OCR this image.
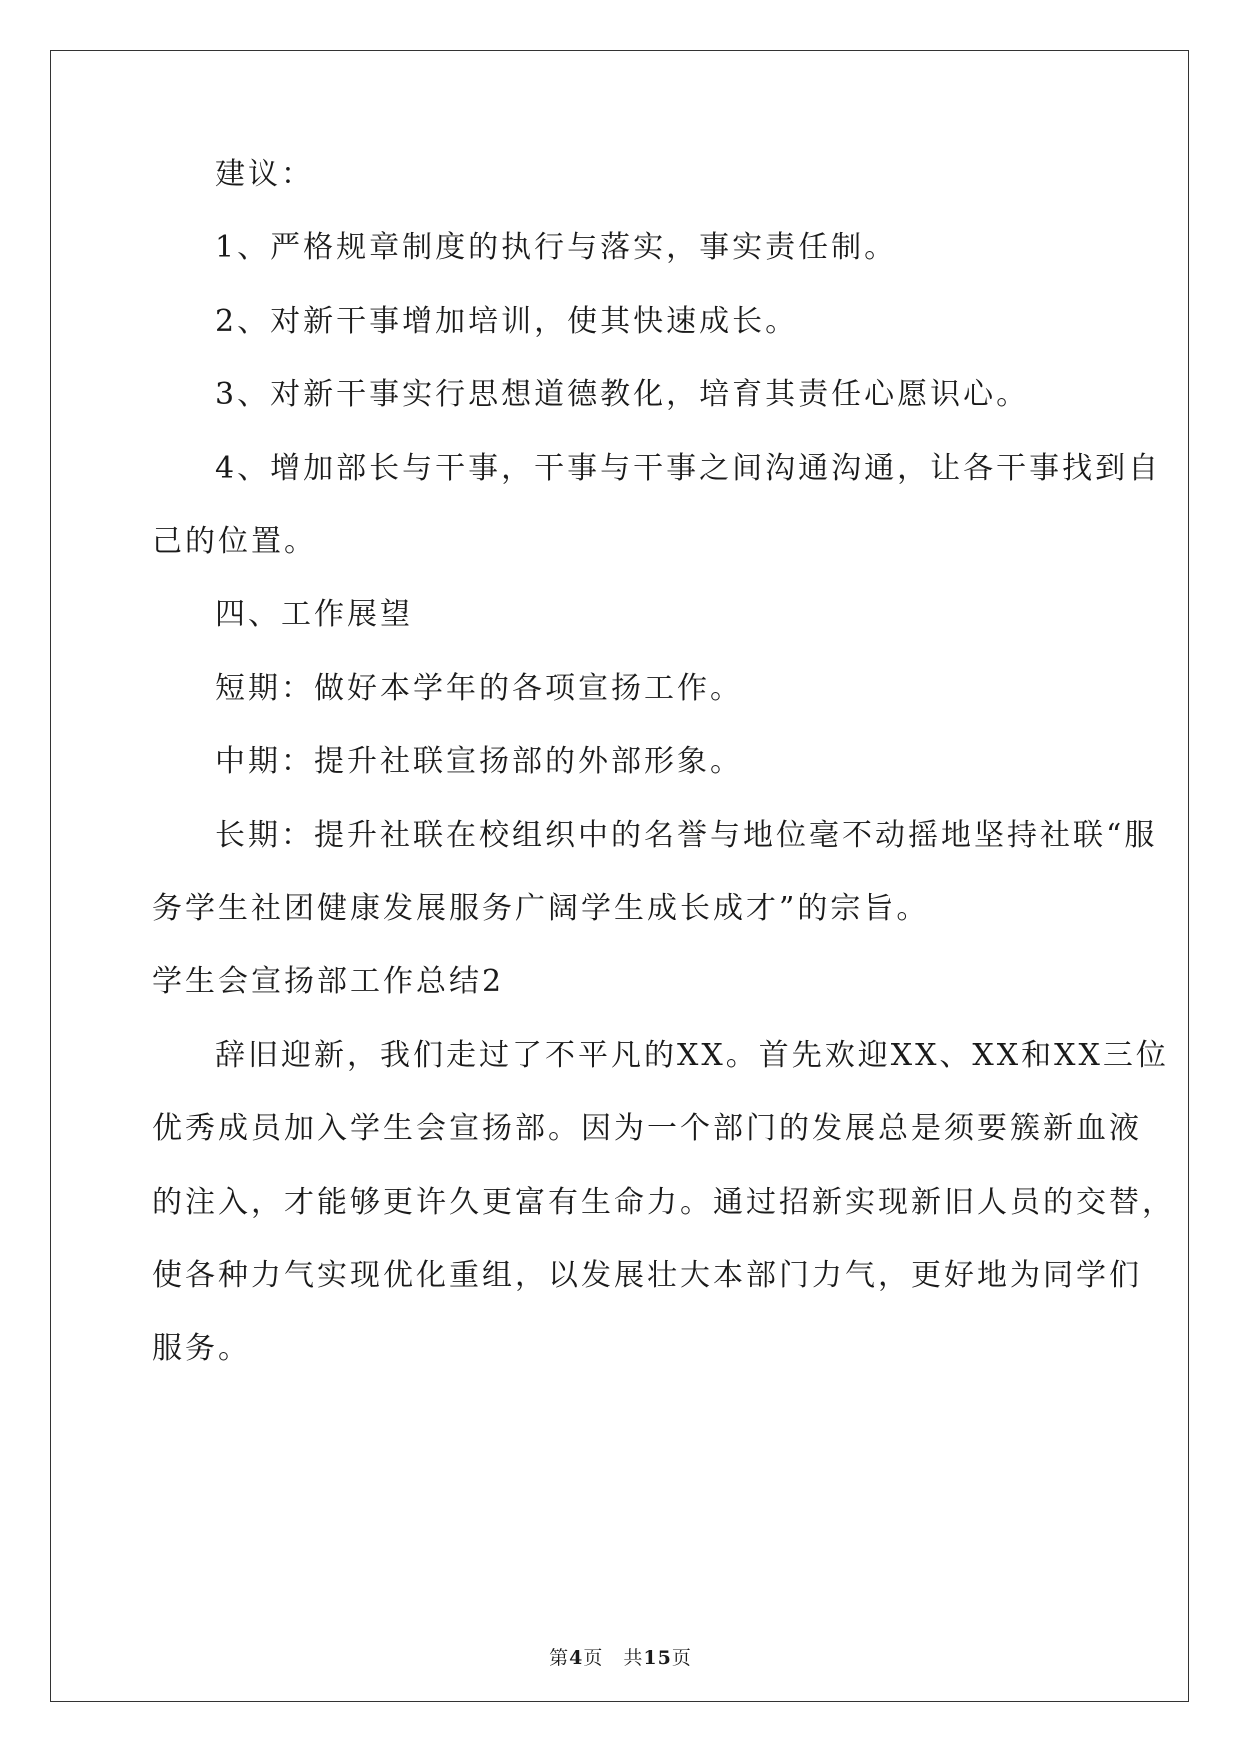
建议：
1、严格规章制度的执行与落实，事实责任制。
2、对新干事增加培训，使其快速成长。
3、对新干事实行思想道德教化，培育其责任心愿识心。
4、增加部长与干事，干事与干事之间沟通沟通，让各干事找到自
己的位置。
四、工作展望
短期：做好本学年的各项宣扬工作。
中期：提升社联宣扬部的外部形象。
长期：提升社联在校组织中的名誉与地位毫不动摇地坚持社联“服
务学生社团健康发展服务广阔学生成长成才”的宗旨。
学生会宣扬部工作总结2
辞旧迎新，我们走过了不平凡的XX。首先欢迎XX、XX和XX三位
优秀成员加入学生会宣扬部。因为一个部门的发展总是须要簇新血液
的注入，才能够更许久更富有生命力。通过招新实现新旧人员的交替，
使各种力气实现优化重组，以发展壮大本部门力气，更好地为同学们
服务。
第4页　共15页
